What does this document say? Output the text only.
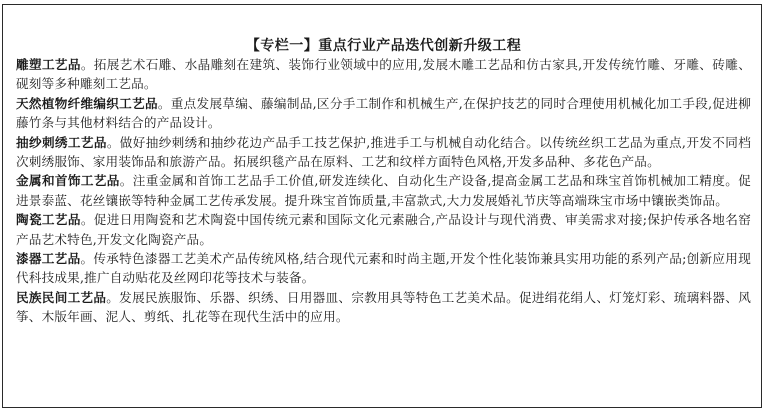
【专栏一】重点行业产品迭代创新升级工程

雕塑工艺品。拓展艺术石雕、水晶雕刻在建筑、装饰行业领域中的应用,发展木雕工艺品和仿古家具,开发传统竹雕、牙雕、砖雕、砚刻等多种雕刻工艺品。

天然植物纤维编织工艺品。重点发展草编、藤编制品,区分手工制作和机械生产,在保护技艺的同时合理使用机械化加工手段,促进柳藤竹条与其他材料结合的产品设计。

抽纱刺绣工艺品。做好抽纱刺绣和抽纱花边产品手工技艺保护,推进手工与机械自动化结合。以传统丝织工艺品为重点,开发不同档次刺绣服饰、家用装饰品和旅游产品。拓展织毯产品在原料、工艺和纹样方面特色风格,开发多品种、多花色产品。

金属和首饰工艺品。注重金属和首饰工艺品手工价值,研发连续化、自动化生产设备,提高金属工艺品和珠宝首饰机械加工精度。促进景泰蓝、花丝镶嵌等特种金属工艺传承发展。提升珠宝首饰质量,丰富款式,大力发展婚礼节庆等高端珠宝市场中镶嵌类饰品。

陶瓷工艺品。促进日用陶瓷和艺术陶瓷中国传统元素和国际文化元素融合,产品设计与现代消费、审美需求对接;保护传承各地名窑产品艺术特色,开发文化陶瓷产品。

漆器工艺品。传承特色漆器工艺美术产品传统风格,结合现代元素和时尚主题,开发个性化装饰兼具实用功能的系列产品;创新应用现代科技成果,推广自动贴花及丝网印花等技术与装备。

民族民间工艺品。发展民族服饰、乐器、织绣、日用器皿、宗教用具等特色工艺美术品。促进绢花绢人、灯笼灯彩、琉璃料器、风筝、木版年画、泥人、剪纸、扎花等在现代生活中的应用。
